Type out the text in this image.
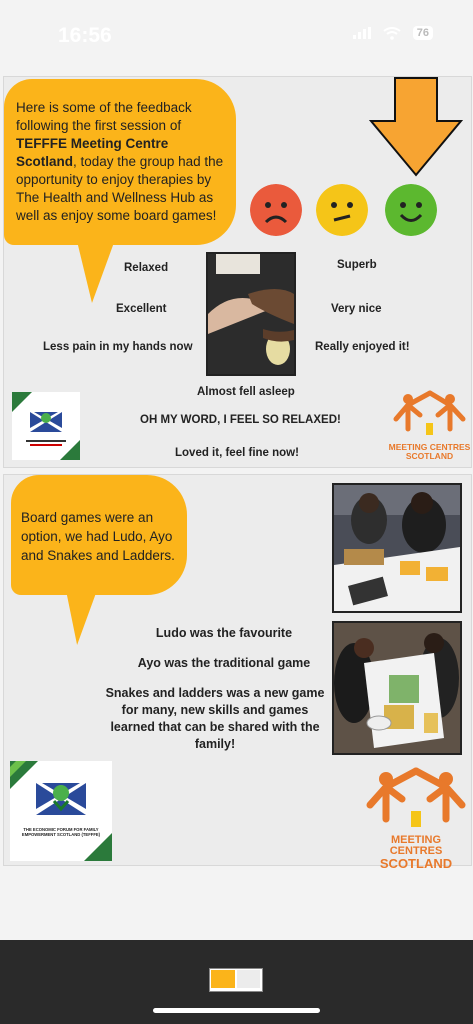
16:56	76
Here is some of the feedback following the first session of TEFFFE Meeting Centre Scotland, today the group had the opportunity to enjoy therapies by The Health and Wellness Hub as well as enjoy some board games!
Relaxed	Superb
Excellent	Very nice
Less pain in my hands now	Really enjoyed it!
Almost fell asleep
OH MY WORD, I FEEL SO RELAXED!
Loved it, feel fine now!	MEETING CENTRES
SCOTLAND
Board games were an option, we had Ludo, Ayo and Snakes and Ladders.
Ludo was the favourite
Ayo was the traditional game
Snakes and ladders was a new game for many, new skills and games learned that can be shared with the family!
THE ECONOMIC FORUM FOR FAMILY EMPOWERMENT SCOTLAND (TEFFFE)	MEETING CENTRES
SCOTLAND
